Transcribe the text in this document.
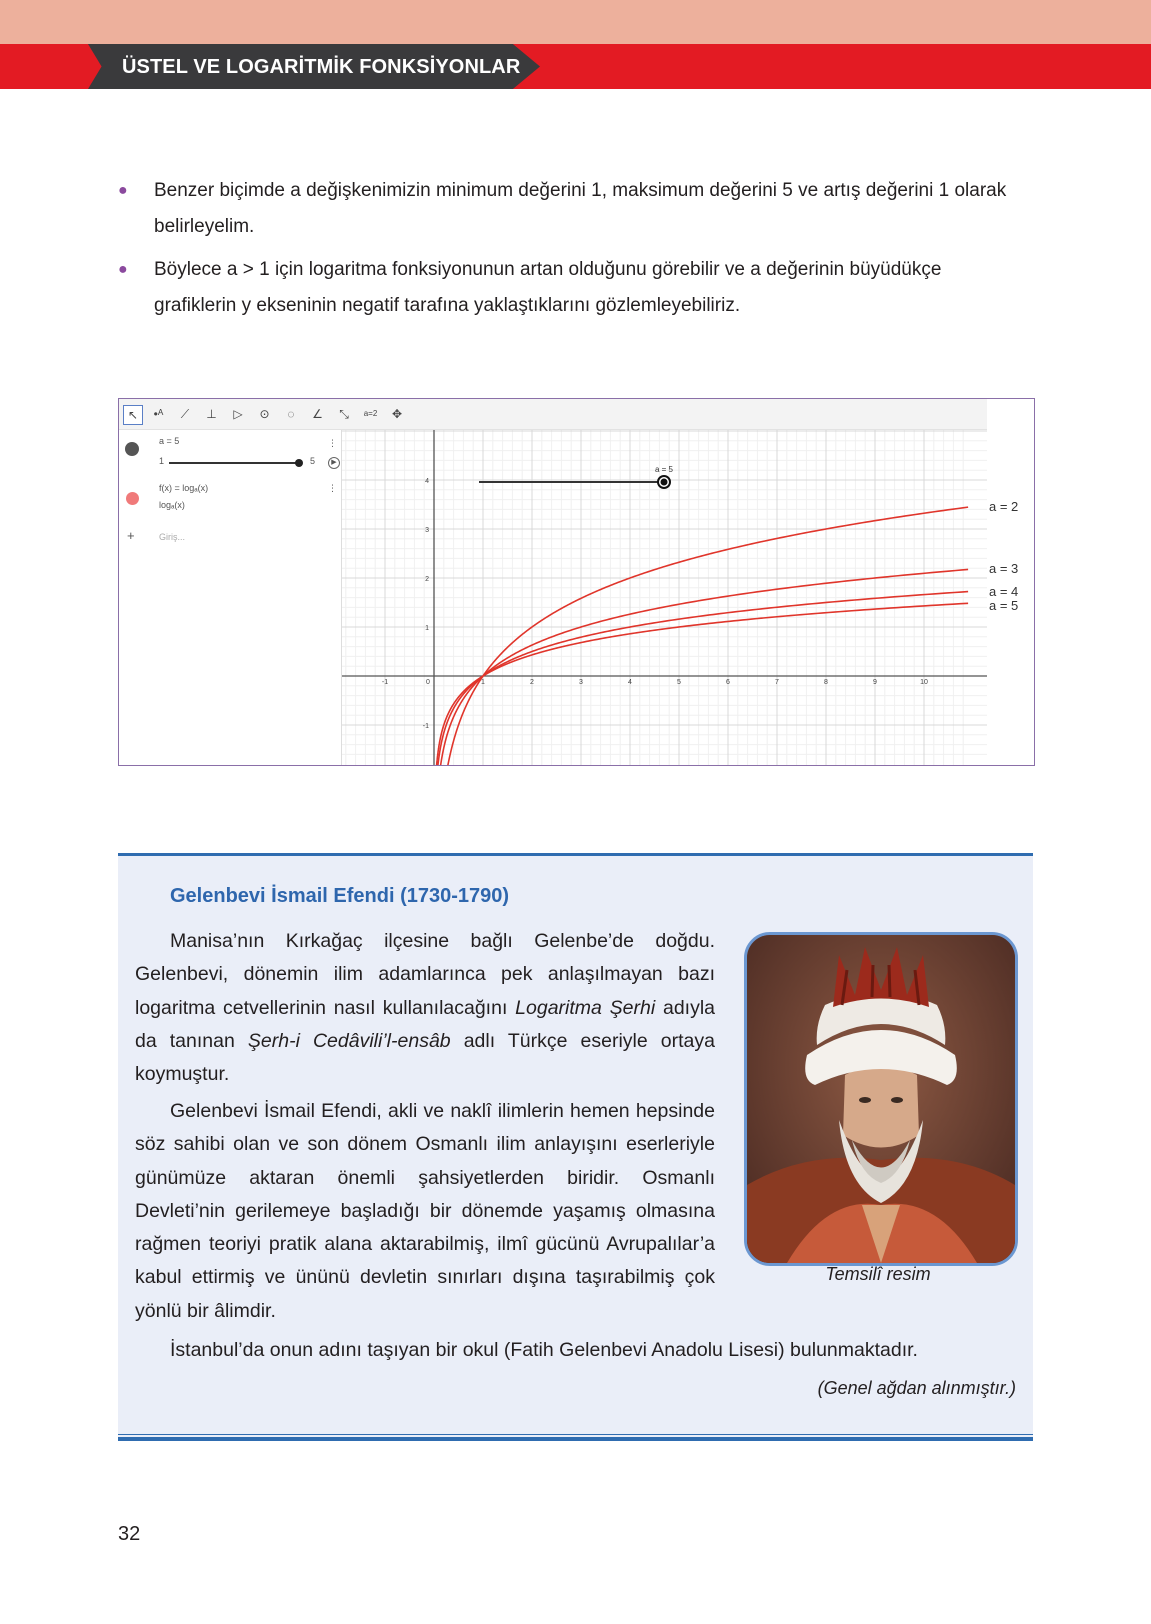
ÜSTEL VE LOGARİTMİK FONKSİYONLAR
● Benzer biçimde a değişkenimizin minimum değerini 1, maksimum değerini 5 ve artış değerini 1 olarak belirleyelim.
● Böylece a > 1 için logaritma fonksiyonunun artan olduğunu görebilir ve a değerinin büyüdükçe grafiklerin y ekseninin negatif tarafına yaklaştıklarını gözlemleyebiliriz.
↖	•ᴬ	⟋	⊥	▷	⊙	◌	∠	⤡	a=2	✥
a = 5
1	5	▶
⋮
f(x) = logₐ(x)
logₐ(x)
⋮
+	Giriş...
-1	0	1	2	3	4	5	6	7	8	9	10
-1
1
2
3
4
a = 5
a = 2
a = 3
a = 4
a = 5
Gelenbevi İsmail Efendi (1730-1790)
Manisa’nın Kırkağaç ilçesine bağlı Gelenbe’de doğdu. Gelenbevi, dönemin ilim adamlarınca pek anlaşılmayan bazı logaritma cetvellerinin nasıl kullanılacağını Logaritma Şerhi adıyla da tanınan Şerh-i Cedâvili’l-ensâb adlı Türkçe eseriyle ortaya koymuştur.
Gelenbevi İsmail Efendi, akli ve naklî ilimlerin hemen hepsinde söz sahibi olan ve son dönem Osmanlı ilim anlayışını eserleriyle günümüze aktaran önemli şahsiyetlerden biridir. Osmanlı Devleti’nin gerilemeye başladığı bir dönemde yaşamış olmasına rağmen teoriyi pratik alana aktarabilmiş, ilmî gücünü Avrupalılar’a kabul ettirmiş ve ününü devletin sınırları dışına taşırabilmiş çok yönlü bir âlimdir.
İstanbul’da onun adını taşıyan bir okul (Fatih Gelenbevi Anadolu Lisesi) bulunmaktadır.
Temsilî resim
(Genel ağdan alınmıştır.)
32
